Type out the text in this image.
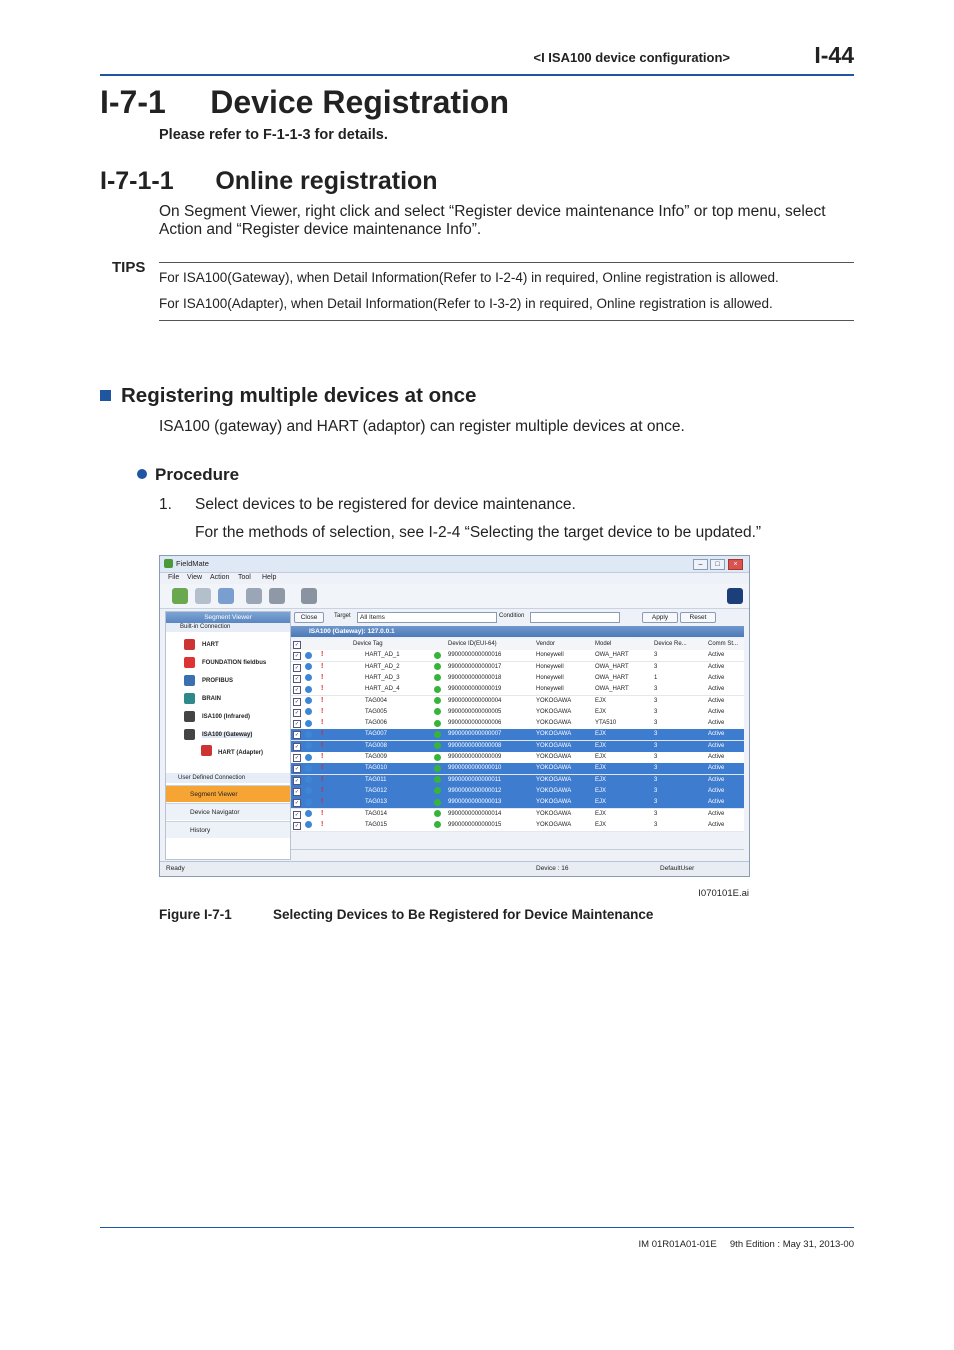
<I ISA100 device configuration>	I-44
I-7-1 Device Registration
Please refer to F-1-1-3 for details.
I-7-1-1 Online registration
On Segment Viewer, right click and select “Register device maintenance Info” or top menu, select Action and “Register device maintenance Info”.
TIPS
For ISA100(Gateway), when Detail Information(Refer to I-2-4) in required, Online registration is allowed.
For ISA100(Adapter), when Detail Information(Refer to I-3-2) in required, Online registration is allowed.
Registering multiple devices at once
ISA100 (gateway) and HART (adaptor) can register multiple devices at once.
Procedure
1. Select devices to be registered for device maintenance.
For the methods of selection, see I-2-4 “Selecting the target device to be updated.”
FieldMate	–	□	×
File View Action Tool Help
Segment Viewer
Built-in Connection
HART
FOUNDATION fieldbus
PROFIBUS
BRAIN
ISA100 (Infrared)
ISA100 (Gateway)
HART (Adapter)
User Defined Connection
Segment Viewer
Device Navigator
History
Close	Target	All Items	Condition	Apply	Reset
ISA100 (Gateway): 127.0.0.1
✓	Device Tag	Device ID(EUI-64)	Vendor	Model	Device Re...	Comm St...
✓	!	HART_AD_1	9900000000000016	Honeywell	OWA_HART	3	Active
✓	!	HART_AD_2	9900000000000017	Honeywell	OWA_HART	3	Active
✓	!	HART_AD_3	9900000000000018	Honeywell	OWA_HART	1	Active
✓	!	HART_AD_4	9900000000000019	Honeywell	OWA_HART	3	Active
✓	!	TAG004	9900000000000004	YOKOGAWA	EJX	3	Active
✓	!	TAG005	9900000000000005	YOKOGAWA	EJX	3	Active
✓	!	TAG006	9900000000000006	YOKOGAWA	YTA510	3	Active
✓	!	TAG007	9900000000000007	YOKOGAWA	EJX	3	Active
✓	!	TAG008	9900000000000008	YOKOGAWA	EJX	3	Active
✓	!	TAG009	9900000000000009	YOKOGAWA	EJX	3	Active
✓	!	TAG010	9900000000000010	YOKOGAWA	EJX	3	Active
✓	!	TAG011	9900000000000011	YOKOGAWA	EJX	3	Active
✓	!	TAG012	9900000000000012	YOKOGAWA	EJX	3	Active
✓	!	TAG013	9900000000000013	YOKOGAWA	EJX	3	Active
✓	!	TAG014	9900000000000014	YOKOGAWA	EJX	3	Active
✓	!	TAG015	9900000000000015	YOKOGAWA	EJX	3	Active
Ready	Device : 16	DefaultUser
I070101E.ai
Figure I-7-1	Selecting Devices to Be Registered for Device Maintenance
IM 01R01A01-01E 9th Edition : May 31, 2013-00
